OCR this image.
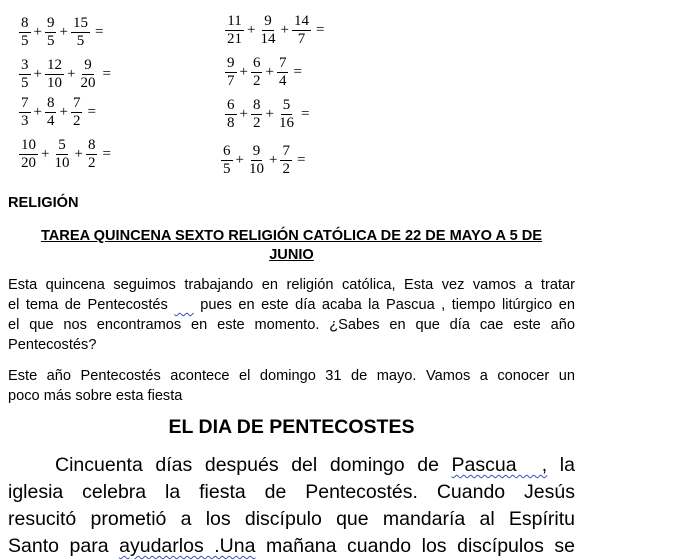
$\frac{8}{5} + \frac{9}{5} + \frac{15}{5}$ =	$\frac{11}{21} + \frac{9}{14} + \frac{14}{7}$ =
$\frac{3}{5} + \frac{12}{10} + \frac{9}{20}$ =	$\frac{9}{7} + \frac{6}{2} + \frac{7}{4}$ =
$\frac{7}{3} + \frac{8}{4} + \frac{7}{2}$ =	$\frac{6}{8} + \frac{8}{2} + \frac{5}{16}$ =
$\frac{10}{20} + \frac{5}{10} + \frac{8}{2}$ =	$\frac{6}{5} + \frac{9}{10} + \frac{7}{2}$ =
RELIGIÓN
TAREA QUINCENA SEXTO RELIGIÓN CATÓLICA DE 22 DE MAYO A 5 DE
JUNIO
Esta quincena seguimos trabajando en religión católica, Esta vez vamos a tratar
el tema de Pentecostés     pues en este día acaba la Pascua , tiempo litúrgico en
el que nos encontramos en este momento. ¿Sabes en que día cae este año
Pentecostés?
Este año Pentecostés acontece el domingo 31 de mayo. Vamos a conocer un
poco más sobre esta fiesta
EL DIA DE PENTECOSTES
Cincuenta días después del domingo de Pascua  , la
iglesia celebra la fiesta de Pentecostés. Cuando Jesús
resucitó prometió a los discípulo que mandaría al Espíritu
Santo para ayudarlos .Una mañana cuando los discípulos se
